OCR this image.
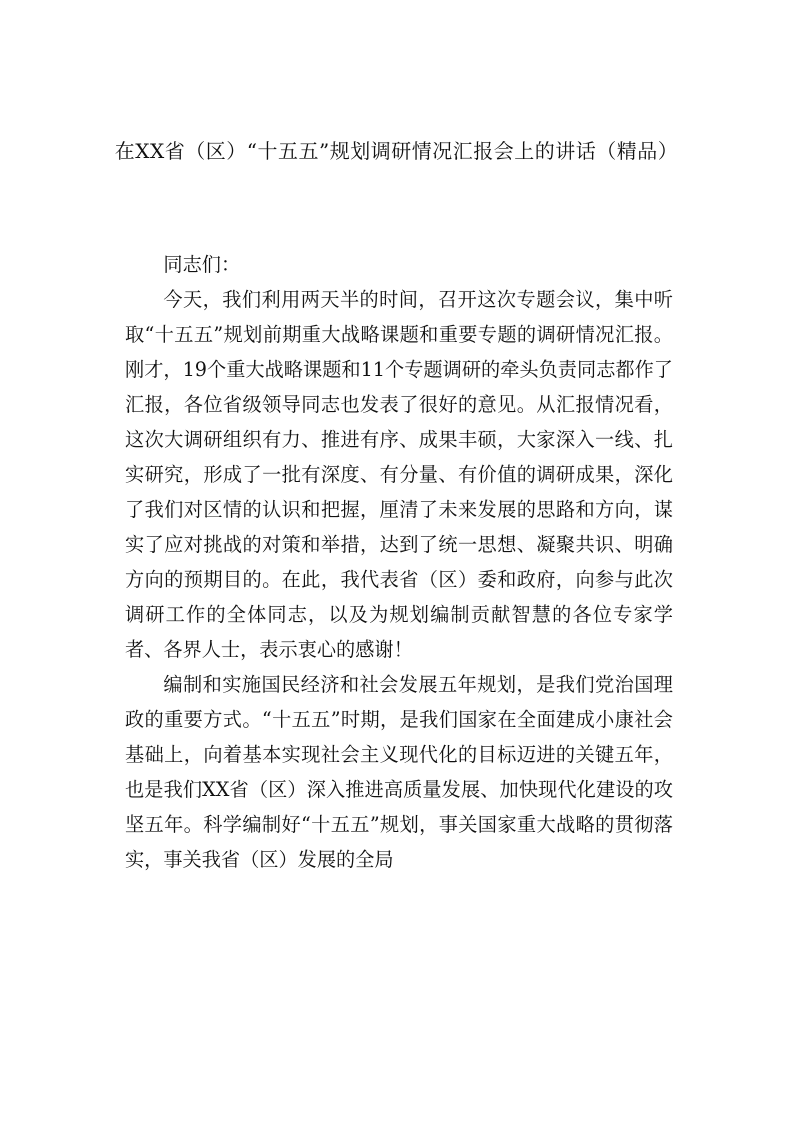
在XX省（区）“十五五”规划调研情况汇报会上的讲话（精品）

同志们：

今天，我们利用两天半的时间，召开这次专题会议，集中听取“十五五”规划前期重大战略课题和重要专题的调研情况汇报。刚才，19个重大战略课题和11个专题调研的牵头负责同志都作了汇报，各位省级领导同志也发表了很好的意见。从汇报情况看，这次大调研组织有力、推进有序、成果丰硕，大家深入一线、扎实研究，形成了一批有深度、有分量、有价值的调研成果，深化了我们对区情的认识和把握，厘清了未来发展的思路和方向，谋实了应对挑战的对策和举措，达到了统一思想、凝聚共识、明确方向的预期目的。在此，我代表省（区）委和政府，向参与此次调研工作的全体同志，以及为规划编制贡献智慧的各位专家学者、各界人士，表示衷心的感谢！

编制和实施国民经济和社会发展五年规划，是我们党治国理政的重要方式。“十五五”时期，是我们国家在全面建成小康社会基础上，向着基本实现社会主义现代化的目标迈进的关键五年，也是我们XX省（区）深入推进高质量发展、加快现代化建设的攻坚五年。科学编制好“十五五”规划，事关国家重大战略的贯彻落实，事关我省（区）发展的全局
